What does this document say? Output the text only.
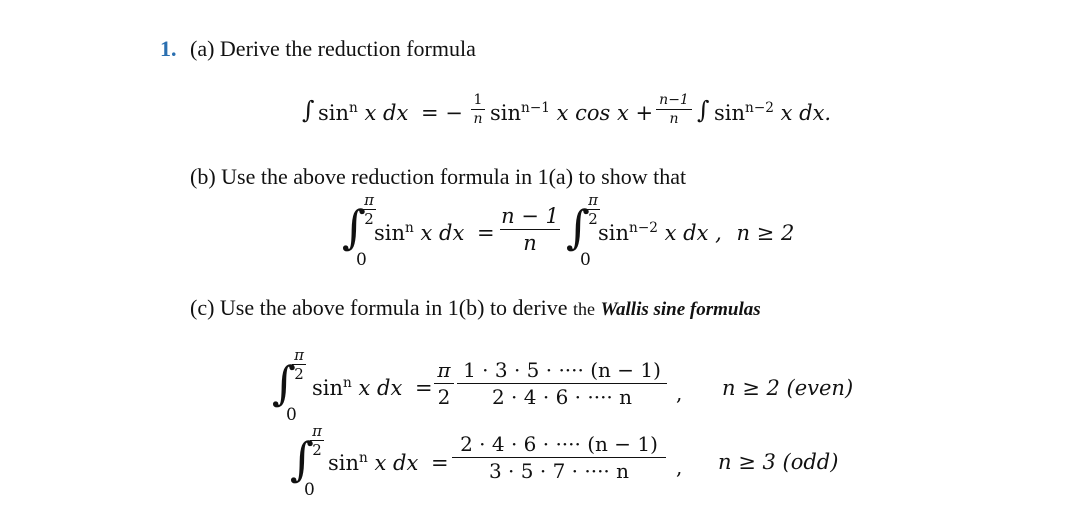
1. (a) Derive the reduction formula
∫ $\sin^n x$ dx = −
1
n $\sin^{n-1} x$ cos x +
n−1
n ∫ $\sin^{n-2} x$ dx.
(b) Use the above reduction formula in 1(a) to show that
π
2
∫
0
$\sin^n x$ dx =
n − 1
n
π
2
∫
0
$\sin^{n-2} x$ dx , n ≥ 2
(c) Use the above formula in 1(b) to derive the Wallis sine formulas
π
2
∫
0
$\sin^n x$ dx =
π
2
1 · 3 · 5 · ···· (n − 1)
2 · 4 · 6 · ···· n	, n ≥ 2 (even)
π
2
∫
0
$\sin^n x$ dx =
2 · 4 · 6 · ···· (n − 1)
3 · 5 · 7 · ···· n	, n ≥ 3 (odd)
